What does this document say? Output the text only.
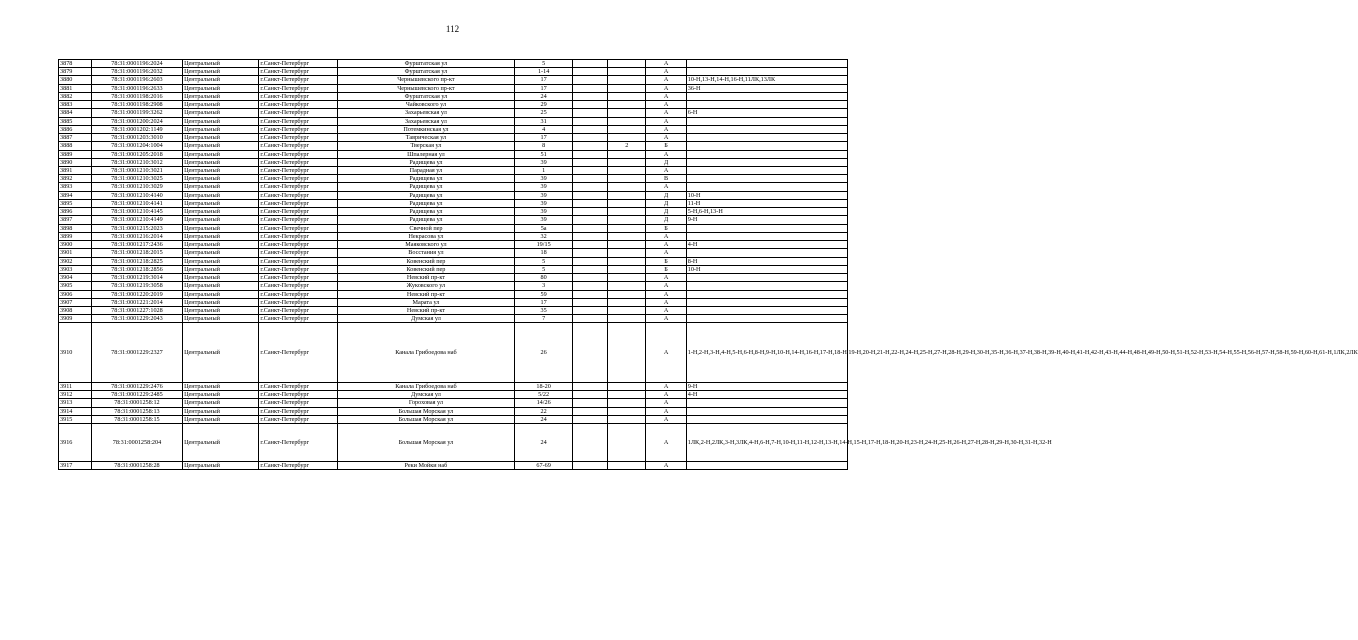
112
3878	78:31:0001196:2024	Центральный	г.Санкт-Петербург	Фурштатская ул	5			А	
3879	78:31:0001196:2032	Центральный	г.Санкт-Петербург	Фурштатская ул	1-14			А	
3880	78:31:0001196:2603	Центральный	г.Санкт-Петербург	Чернышевского пр-кт	17			А	10-Н,13-Н,14-Н,16-Н,11ЛК,13ЛК
3881	78:31:0001196:2633	Центральный	г.Санкт-Петербург	Чернышевского пр-кт	17			А	36-Н
3882	78:31:0001198:2016	Центральный	г.Санкт-Петербург	Фурштатская ул	24			А	
3883	78:31:0001198:2908	Центральный	г.Санкт-Петербург	Чайковского ул	29			А	
3884	78:31:0001199:3262	Центральный	г.Санкт-Петербург	Захарьевская ул	25			А	6-Н
3885	78:31:0001200:2024	Центральный	г.Санкт-Петербург	Захарьевская ул	31			А	
3886	78:31:0001202:1149	Центральный	г.Санкт-Петербург	Потемкинская ул	4			А	
3887	78:31:0001203:3010	Центральный	г.Санкт-Петербург	Таврическая ул	17			А	
3888	78:31:0001204:1004	Центральный	г.Санкт-Петербург	Тверская ул	8		2	Б	
3889	78:31:0001205:2018	Центральный	г.Санкт-Петербург	Шпалерная ул	51			А	
3890	78:31:0001210:3012	Центральный	г.Санкт-Петербург	Радищева ул	39			Д	
3891	78:31:0001210:3021	Центральный	г.Санкт-Петербург	Парадная ул	1			А	
3892	78:31:0001210:3025	Центральный	г.Санкт-Петербург	Радищева ул	39			В	
3893	78:31:0001210:3029	Центральный	г.Санкт-Петербург	Радищева ул	39			А	
3894	78:31:0001210:4140	Центральный	г.Санкт-Петербург	Радищева ул	39			Д	10-Н
3895	78:31:0001210:4141	Центральный	г.Санкт-Петербург	Радищева ул	39			Д	11-Н
3896	78:31:0001210:4145	Центральный	г.Санкт-Петербург	Радищева ул	39			Д	5-Н,6-Н,13-Н
3897	78:31:0001210:4149	Центральный	г.Санкт-Петербург	Радищева ул	39			Д	9-Н
3898	78:31:0001215:2023	Центральный	г.Санкт-Петербург	Свечной пер	5а			Б	
3899	78:31:0001216:2014	Центральный	г.Санкт-Петербург	Некрасова ул	32			А	
3900	78:31:0001217:2436	Центральный	г.Санкт-Петербург	Маяковского ул	19/15			А	4-Н
3901	78:31:0001218:2015	Центральный	г.Санкт-Петербург	Восстания ул	18			А	
3902	78:31:0001218:2825	Центральный	г.Санкт-Петербург	Ковенский пер	5			Б	8-Н
3903	78:31:0001218:2856	Центральный	г.Санкт-Петербург	Ковенский пер	5			Б	10-Н
3904	78:31:0001219:3014	Центральный	г.Санкт-Петербург	Невский пр-кт	80			А	
3905	78:31:0001219:3058	Центральный	г.Санкт-Петербург	Жуковского ул	3			А	
3906	78:31:0001220:2019	Центральный	г.Санкт-Петербург	Невский пр-кт	59			А	
3907	78:31:0001221:2014	Центральный	г.Санкт-Петербург	Марата ул	17			А	
3908	78:31:0001227:1028	Центральный	г.Санкт-Петербург	Невский пр-кт	35			А	
3909	78:31:0001229:2043	Центральный	г.Санкт-Петербург	Думская ул	7			А	
3910	78:31:0001229:2327	Центральный	г.Санкт-Петербург	Канала Грибоедова наб	26			А	1-Н,2-Н,3-Н,4-Н,5-Н,6-Н,8-Н,9-Н,10-Н,14-Н,16-Н,17-Н,18-Н,19-Н,20-Н,21-Н,22-Н,24-Н,25-Н,27-Н,28-Н,29-Н,30-Н,35-Н,36-Н,37-Н,38-Н,39-Н,40-Н,41-Н,42-Н,43-Н,44-Н,48-Н,49-Н,50-Н,51-Н,52-Н,53-Н,54-Н,55-Н,56-Н,57-Н,58-Н,59-Н,60-Н,61-Н,1ЛК,2ЛК
3911	78:31:0001229:2476	Центральный	г.Санкт-Петербург	Канала Грибоедова наб	18-20			А	9-Н
3912	78:31:0001229:2485	Центральный	г.Санкт-Петербург	Думская ул	5/22			А	4-Н
3913	78:31:0001258:12	Центральный	г.Санкт-Петербург	Гороховая ул	14/26			А	
3914	78:31:0001258:13	Центральный	г.Санкт-Петербург	Большая Морская ул	22			А	
3915	78:31:0001258:15	Центральный	г.Санкт-Петербург	Большая Морская ул	24			А	
3916	78:31:0001258:204	Центральный	г.Санкт-Петербург	Большая Морская ул	24			А	1ЛК,2-Н,2ЛК,3-Н,3ЛК,4-Н,6-Н,7-Н,10-Н,11-Н,12-Н,13-Н,14-Н,15-Н,17-Н,18-Н,20-Н,23-Н,24-Н,25-Н,26-Н,27-Н,28-Н,29-Н,30-Н,31-Н,32-Н
3917	78:31:0001258:28	Центральный	г.Санкт-Петербург	Реки Мойки наб	67-69			А	
